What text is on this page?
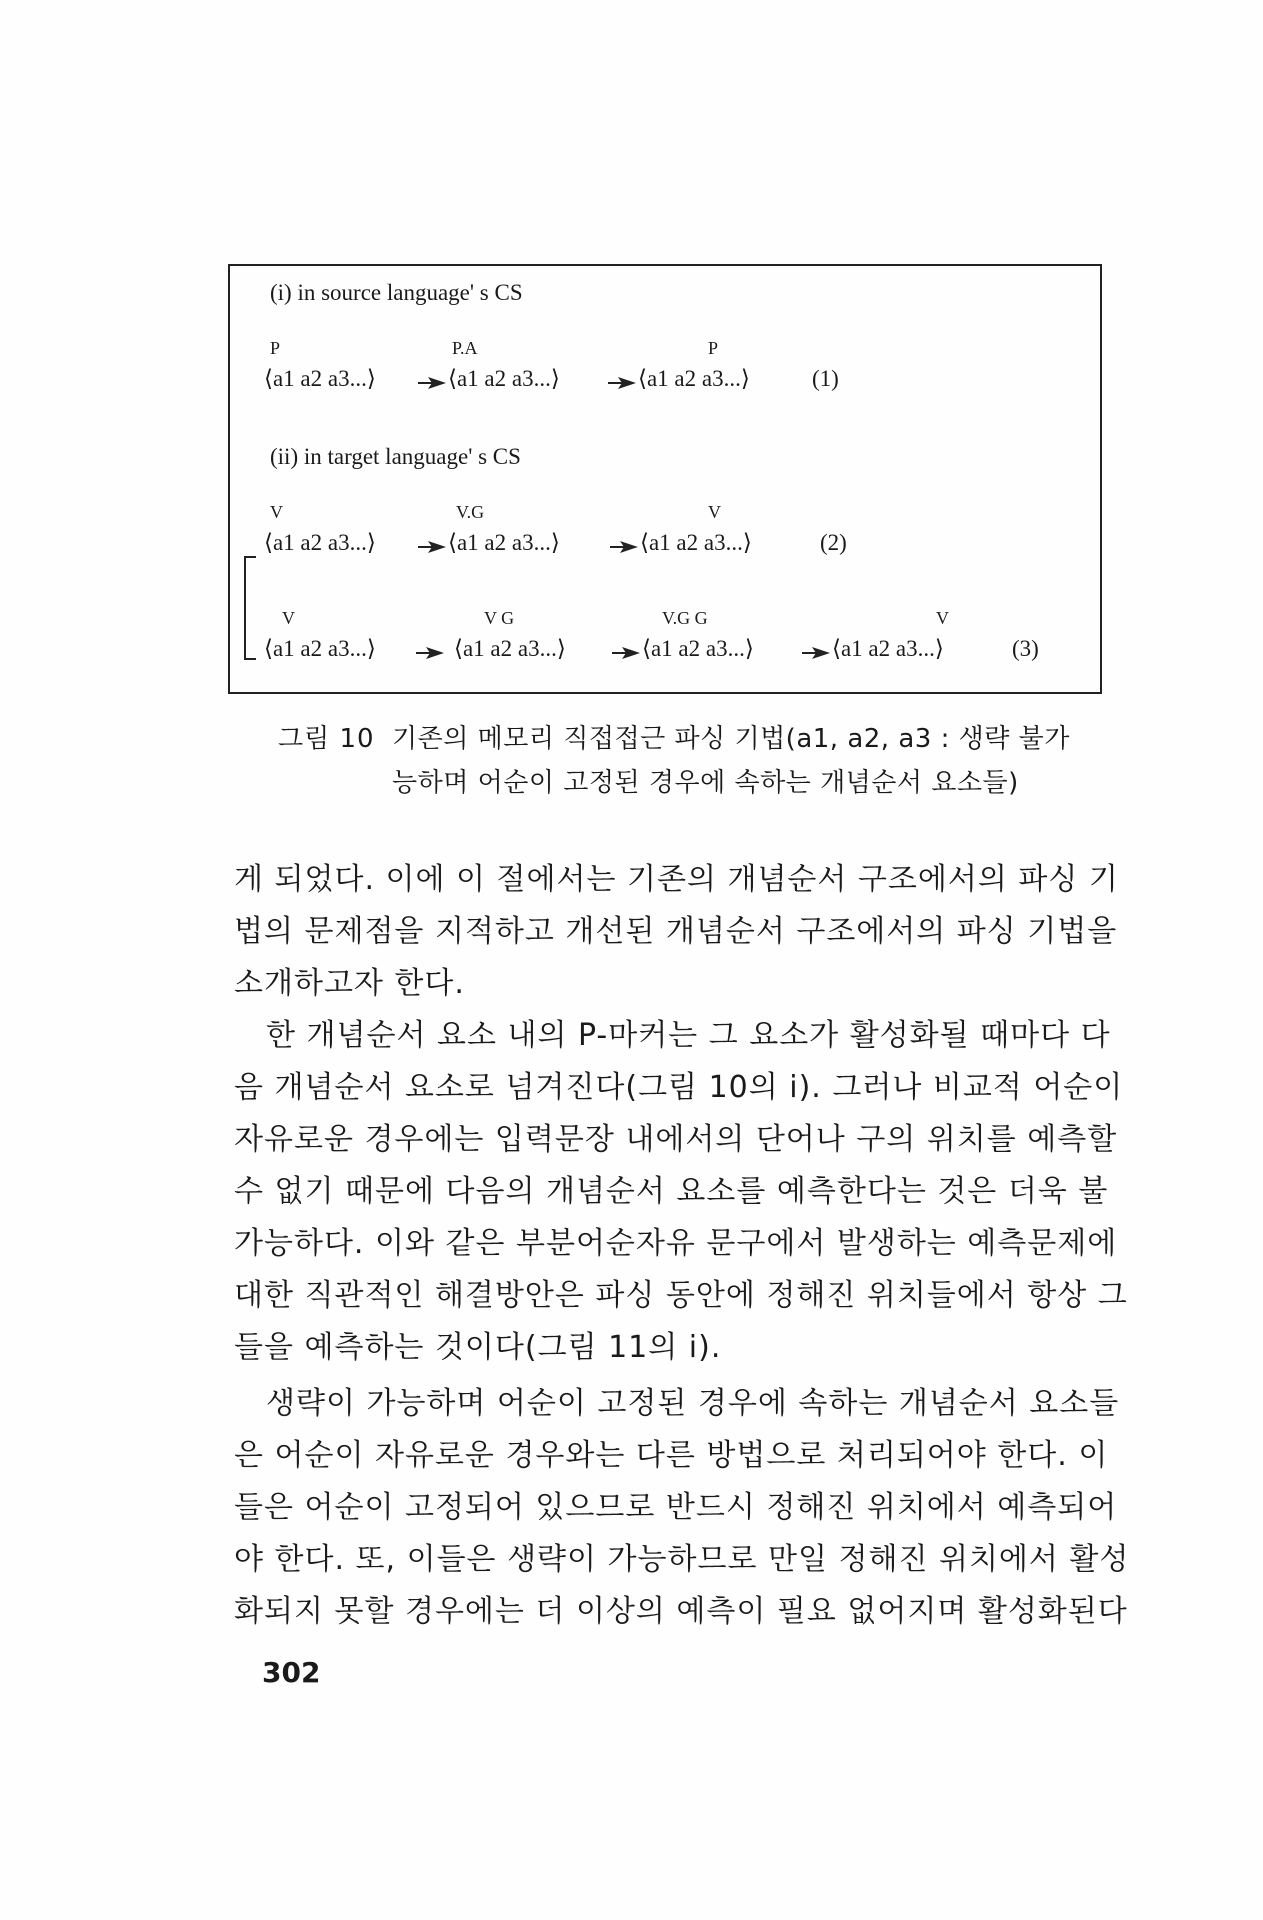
(i) in source language' s CS
P	P.A	P
⟨a1 a2 a3...⟩	⟨a1 a2 a3...⟩	⟨a1 a2 a3...⟩	(1)
(ii) in target language' s CS
V	V.G	V
⟨a1 a2 a3...⟩	⟨a1 a2 a3...⟩	⟨a1 a2 a3...⟩	(2)
V	V G	V.G G	V
⟨a1 a2 a3...⟩	⟨a1 a2 a3...⟩	⟨a1 a2 a3...⟩	⟨a1 a2 a3...⟩	(3)
그림 10 기존의 메모리 직접접근 파싱 기법(a1, a2, a3 : 생략 불가
능하며 어순이 고정된 경우에 속하는 개념순서 요소들)
게 되었다. 이에 이 절에서는 기존의 개념순서 구조에서의 파싱 기
법의 문제점을 지적하고 개선된 개념순서 구조에서의 파싱 기법을
소개하고자 한다.
한 개념순서 요소 내의 P-마커는 그 요소가 활성화될 때마다 다
음 개념순서 요소로 넘겨진다(그림 10의 i). 그러나 비교적 어순이
자유로운 경우에는 입력문장 내에서의 단어나 구의 위치를 예측할
수 없기 때문에 다음의 개념순서 요소를 예측한다는 것은 더욱 불
가능하다. 이와 같은 부분어순자유 문구에서 발생하는 예측문제에
대한 직관적인 해결방안은 파싱 동안에 정해진 위치들에서 항상 그
들을 예측하는 것이다(그림 11의 i).
생략이 가능하며 어순이 고정된 경우에 속하는 개념순서 요소들
은 어순이 자유로운 경우와는 다른 방법으로 처리되어야 한다. 이
들은 어순이 고정되어 있으므로 반드시 정해진 위치에서 예측되어
야 한다. 또, 이들은 생략이 가능하므로 만일 정해진 위치에서 활성
화되지 못할 경우에는 더 이상의 예측이 필요 없어지며 활성화된다
302
